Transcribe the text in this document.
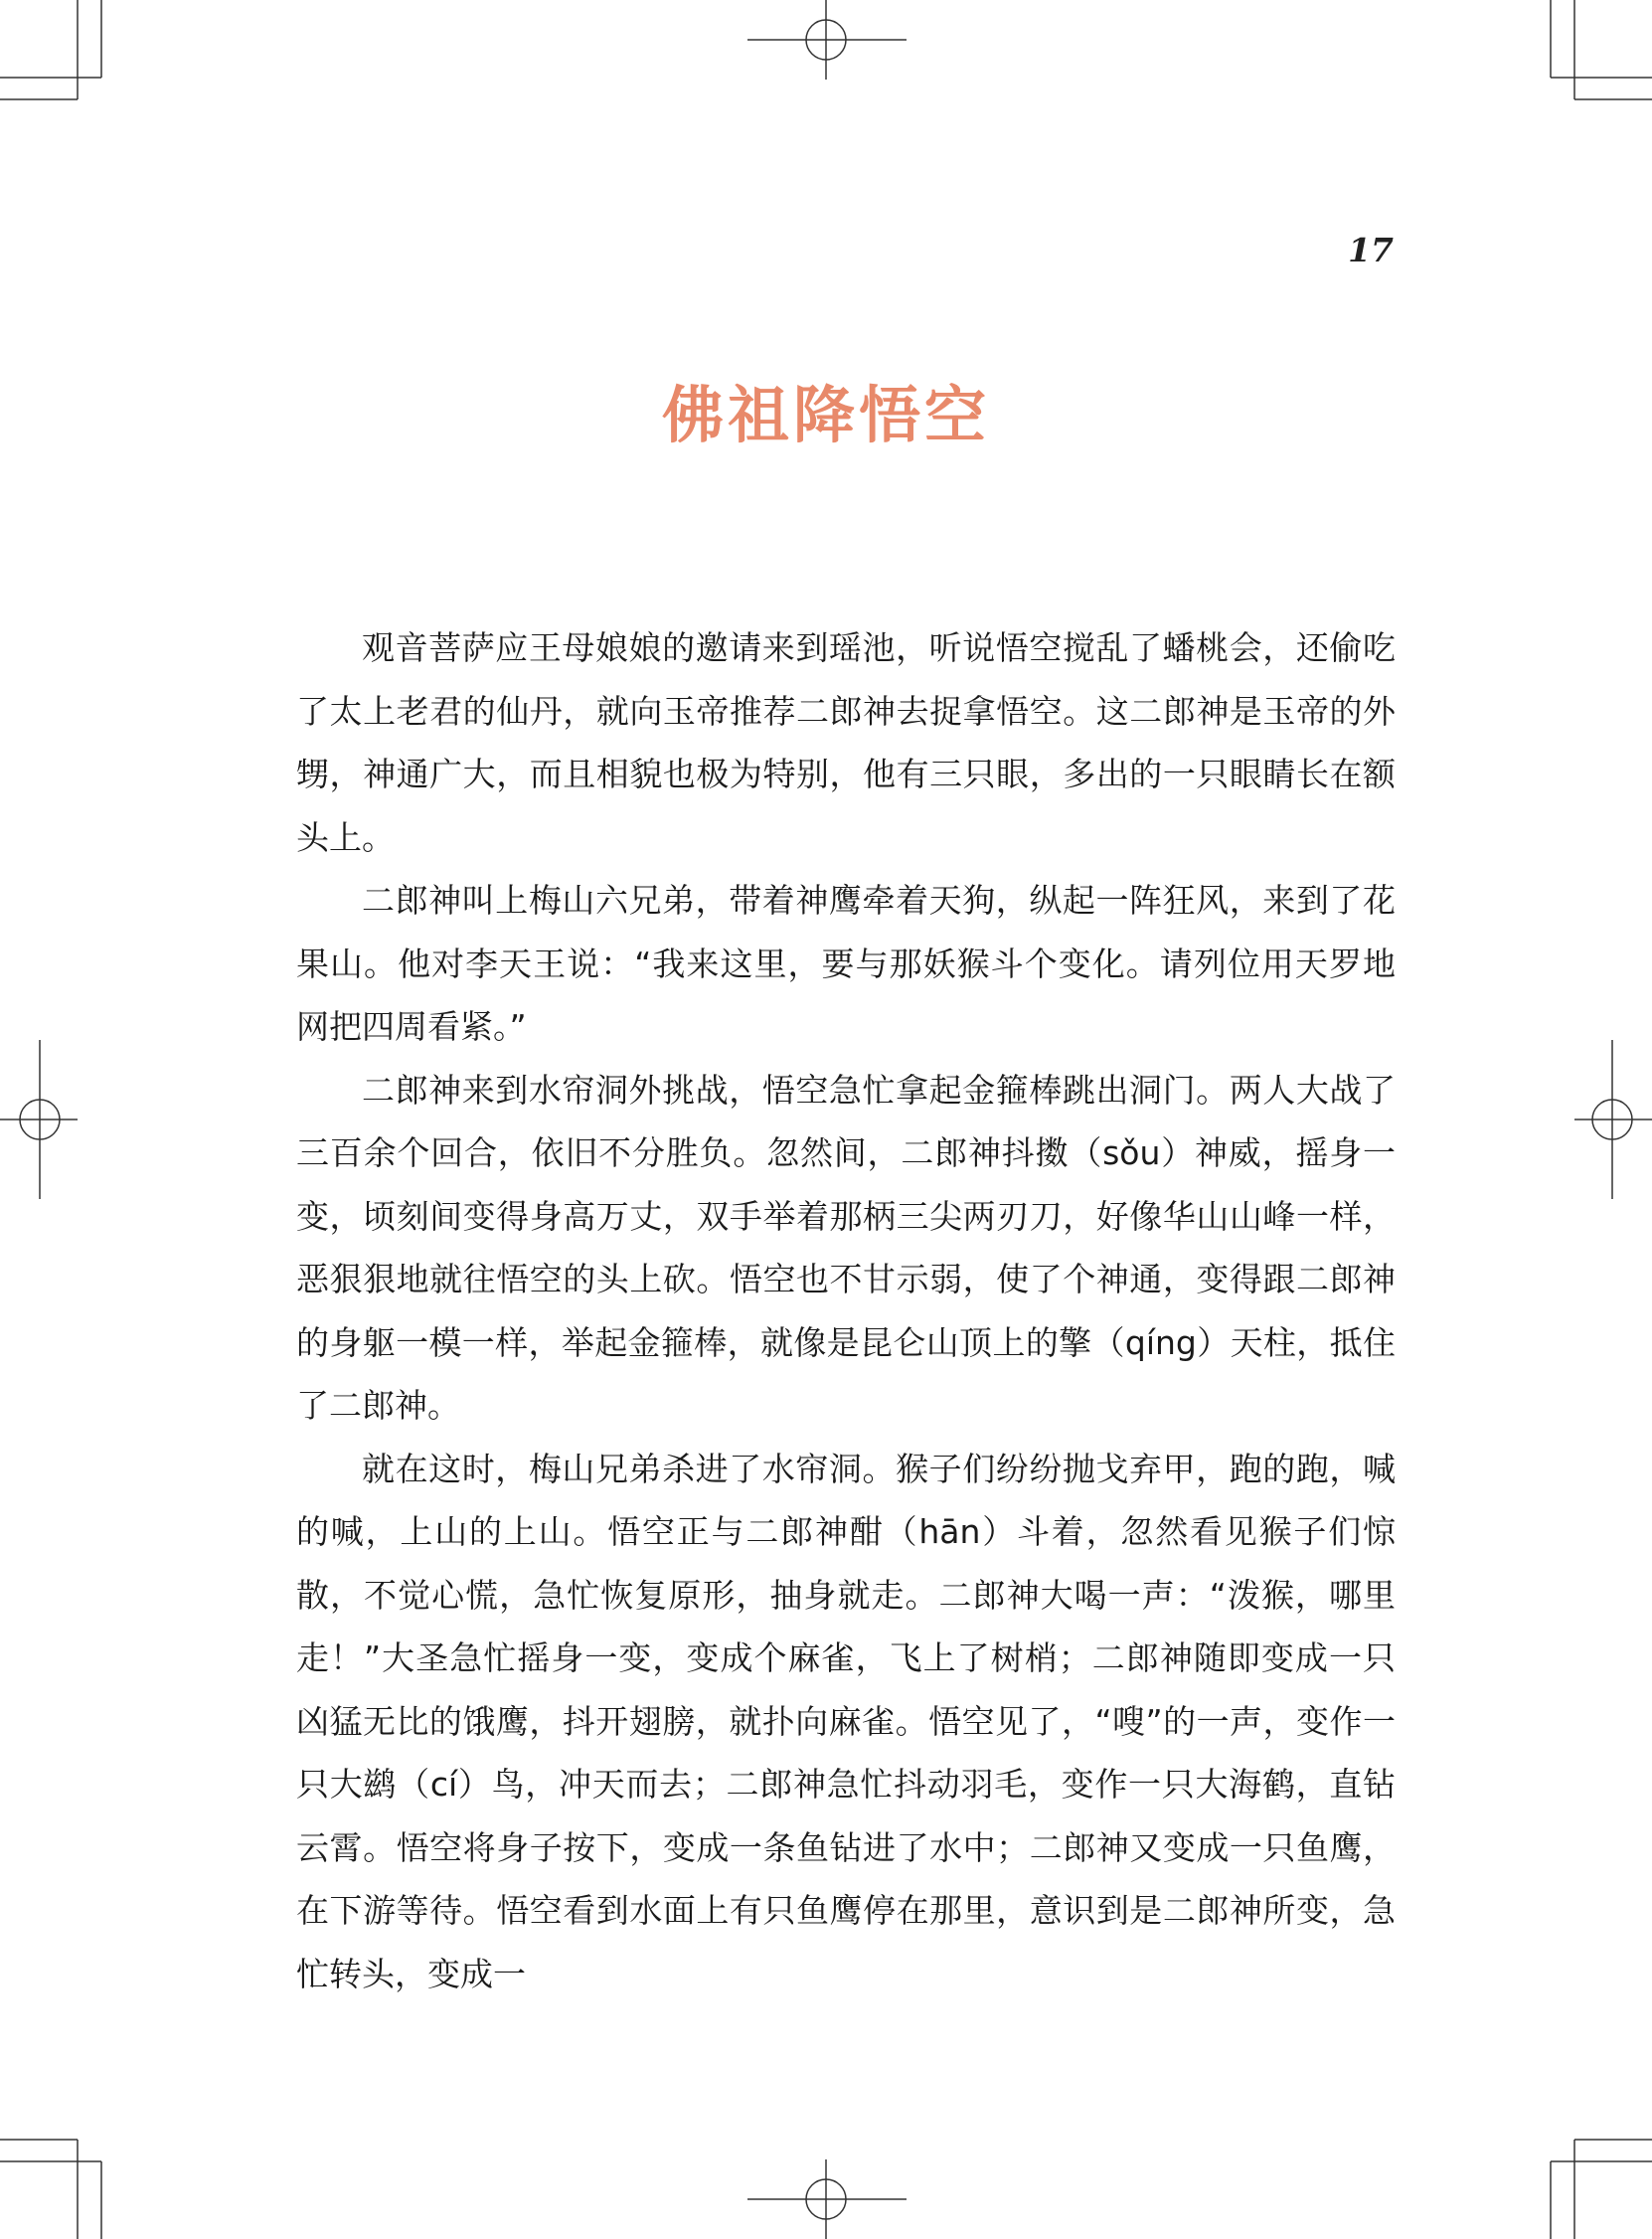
17

佛祖降悟空

观音菩萨应王母娘娘的邀请来到瑶池，听说悟空搅乱了蟠桃会，还偷吃了太上老君的仙丹，就向玉帝推荐二郎神去捉拿悟空。这二郎神是玉帝的外甥，神通广大，而且相貌也极为特别，他有三只眼，多出的一只眼睛长在额头上。

二郎神叫上梅山六兄弟，带着神鹰牵着天狗，纵起一阵狂风，来到了花果山。他对李天王说：“我来这里，要与那妖猴斗个变化。请列位用天罗地网把四周看紧。”

二郎神来到水帘洞外挑战，悟空急忙拿起金箍棒跳出洞门。两人大战了三百余个回合，依旧不分胜负。忽然间，二郎神抖擞（sǒu）神威，摇身一变，顷刻间变得身高万丈，双手举着那柄三尖两刃刀，好像华山山峰一样，恶狠狠地就往悟空的头上砍。悟空也不甘示弱，使了个神通，变得跟二郎神的身躯一模一样，举起金箍棒，就像是昆仑山顶上的擎（qíng）天柱，抵住了二郎神。

就在这时，梅山兄弟杀进了水帘洞。猴子们纷纷抛戈弃甲，跑的跑，喊的喊，上山的上山。悟空正与二郎神酣（hān）斗着，忽然看见猴子们惊散，不觉心慌，急忙恢复原形，抽身就走。二郎神大喝一声：“泼猴，哪里走！”大圣急忙摇身一变，变成个麻雀，飞上了树梢；二郎神随即变成一只凶猛无比的饿鹰，抖开翅膀，就扑向麻雀。悟空见了，“嗖”的一声，变作一只大鹚（cí）鸟，冲天而去；二郎神急忙抖动羽毛，变作一只大海鹤，直钻云霄。悟空将身子按下，变成一条鱼钻进了水中；二郎神又变成一只鱼鹰，在下游等待。悟空看到水面上有只鱼鹰停在那里，意识到是二郎神所变，急忙转头，变成一
